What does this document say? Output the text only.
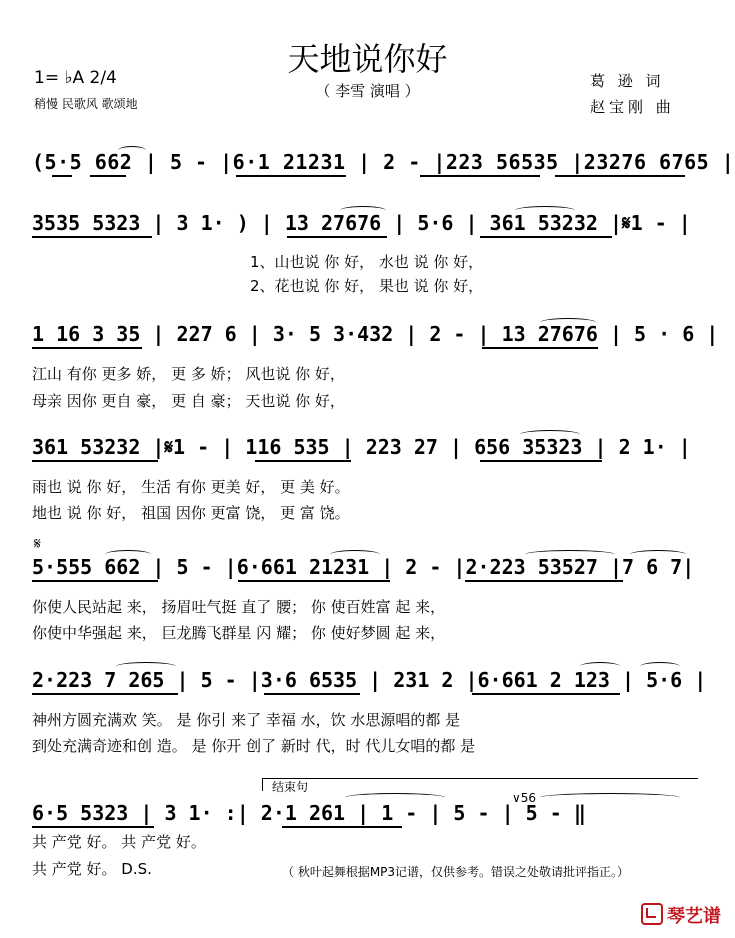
天地说你好
（ 李雪 演唱 ）
1= ♭A 2/4
稍慢 民歌风 歌颂地
葛 逊 词
赵宝刚 曲
(5·5 662 | 5 - |6·1 21231 | 2 - |223 56535 |23276 6765 |
3535 5323 | 3 1· ) | 13 27676 | 5·6 | 361 53232 |𝄋1 - |
1、山也说 你 好， 水也 说 你 好，
2、花也说 你 好， 果也 说 你 好，
1 16 3 35 | 227 6 | 3· 5 3·432 | 2 - | 13 27676 | 5 · 6 |
江山 有你 更多 娇， 更 多 娇； 风也说 你 好，
母亲 因你 更自 豪， 更 自 豪； 天也说 你 好，
361 53232 |𝄋1 - | 116 535 | 223 27 | 656 35323 | 2 1· |
雨也 说 你 好， 生活 有你 更美 好， 更 美 好。
地也 说 你 好， 祖国 因你 更富 饶， 更 富 饶。
𝄋
5·555 662 | 5 - |6·661 21231 | 2 - |2·223 53527 |7 6 7|
你使人民站起 来， 扬眉吐气挺 直了 腰； 你 使百姓富 起 来，
你使中华强起 来， 巨龙腾飞群星 闪 耀； 你 使好梦圆 起 来，
2·223 7 265 | 5 - |3·6 6535 | 231 2 |6·661 2 123 | 5·6 |
神州方圆充满欢 笑。 是 你引 来了 幸福 水，饮 水思源唱的都 是
到处充满奇迹和创 造。 是 你开 创了 新时 代，时 代儿女唱的都 是
结束句
∨56
6·5 5323 | 3 1· :| 2·1 261 | 1 - | 5 - | 5 - ‖
共 产党 好。 共 产党 好。
共 产党 好。 D.S.	（ 秋叶起舞根据MP3记谱，仅供参考。错误之处敬请批评指正。）
琴艺谱
